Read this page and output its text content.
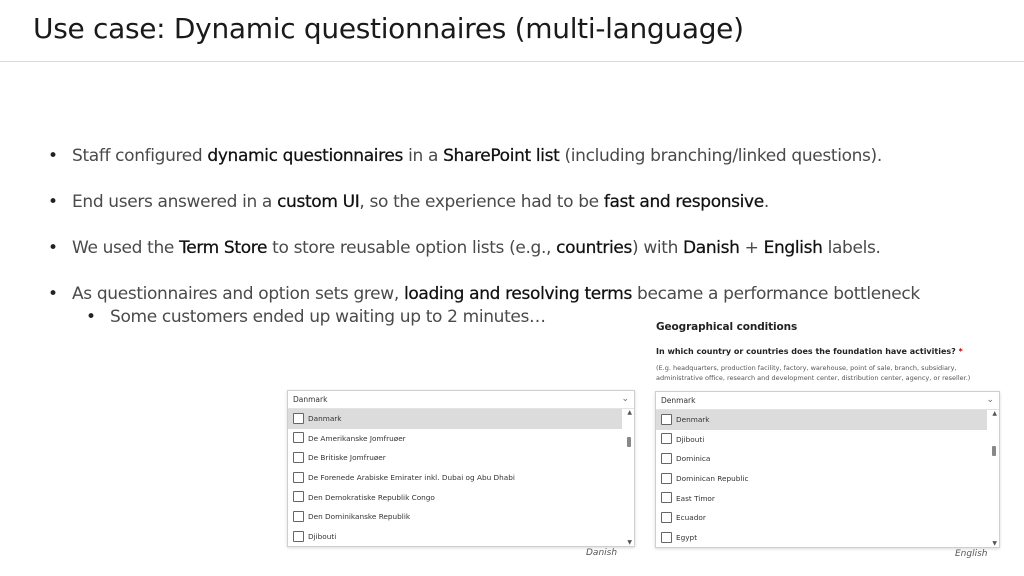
Use case: Dynamic questionnaires (multi-language)
• Staff configured dynamic questionnaires in a SharePoint list (including branching/linked questions).
• End users answered in a custom UI, so the experience had to be fast and responsive.
• We used the Term Store to store reusable option lists (e.g., countries) with Danish + English labels.
• As questionnaires and option sets grew, loading and resolving terms became a performance bottleneck
• Some customers ended up waiting up to 2 minutes…	Geographical conditions
In which country or countries does the foundation have activities? *
(E.g. headquarters, production facility, factory, warehouse, point of sale, branch, subsidiary, administrative office, research and development center, distribution center, agency, or reseller.)
Danmark	⌄
Danmark
De Amerikanske Jomfruøer
De Britiske Jomfruøer
De Forenede Arabiske Emirater inkl. Dubai og Abu Dhabi
Den Demokratiske Republik Congo
Den Dominikanske Republik
Djibouti
▲
▼
Danish
Denmark	⌄
Denmark
Djibouti
Dominica
Dominican Republic
East Timor
Ecuador
Egypt
▲
▼
English
